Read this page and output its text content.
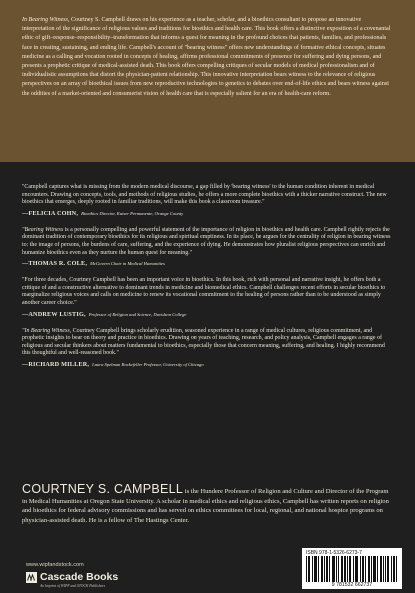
In Bearing Witness, Courtney S. Campbell draws on his experience as a teacher, scholar, and a bioethics consultant to propose an innovative interpretation of the significance of religious values and traditions for bioethics and health care. This book offers a distinctive exposition of a covenantal ethic of gift–response–responsibility–transformation that informs a quest for meaning in the profound choices that patients, families, and professionals face in creating, sustaining, and ending life. Campbell's account of "bearing witness" offers new understandings of formative ethical concepts, situates medicine as a calling and vocation rooted in concepts of healing, affirms professional commitments of presence for suffering and dying persons, and presents a prophetic critique of medical-assisted death. This book offers compelling critiques of secular models of medical professionalism and of individualistic assumptions that distort the physician-patient relationship. This innovative interpretation bears witness to the relevance of religious perspectives on an array of bioethical issues from new reproductive technologies to genetics to debates over end-of-life ethics and bears witness against the oddities of a market-oriented and consumerist vision of health care that is especially salient for an era of health-care reform.

"Campbell captures what is missing from the modern medical discourse, a gap filled by 'bearing witness' to the human condition inherent in medical encounters. Drawing on concepts, tools, and methods of religious studies, he offers a more complete bioethics with a thicker narrative construct. The new bioethics that emerges, deeply rooted in familiar traditions, will make this book a classroom treasure."

—FELICIA COHN, Bioethics Director, Kaiser Permanente, Orange County

"Bearing Witness is a personally compelling and powerful statement of the importance of religion in bioethics and health care. Campbell rightly rejects the dominant tradition of contemporary bioethics for its religious and spiritual emptiness. In its place, he argues for the centrality of religion in bearing witness to: the image of persons, the burdens of care, suffering, and the experience of dying. He demonstrates how pluralist religious perspectives can enrich and humanize bioethics even as they nurture the human quest for meaning."

—THOMAS R. COLE, McGovern Chair in Medical Humanities

"For three decades, Courtney Campbell has been an important voice in bioethics. In this book, rich with personal and narrative insight, he offers both a critique of and a constructive alternative to dominant trends in medicine and biomedical ethics. Campbell challenges recent efforts in secular bioethics to marginalize religious voices and calls on medicine to renew its vocational commitment to the healing of persons rather than to be understood as simply another career choice."

—ANDREW LUSTIG, Professor of Religion and Science, Davidson College

"In Bearing Witness, Courtney Campbell brings scholarly erudition, seasoned experience in a range of medical cultures, religious commitment, and prophetic insights to bear on theory and practice in bioethics. Drawing on years of teaching, research, and policy analysis, Campbell engages a range of religious and secular thinkers about matters fundamental to bioethics, especially those that concern meaning, suffering, and healing. I highly recommend this thoughtful and well-reasoned book."

—RICHARD MILLER, Laura Spelman Rockefeller Professor, University of Chicago

COURTNEY S. CAMPBELL is the Hundere Professor of Religion and Culture and Director of the Program in Medical Humanities at Oregon State University. A scholar in medical ethics and religious ethics, Campbell has written reports on religion and bioethics for federal advisory commissions and has served on ethics committees for local, regional, and national hospice programs on physician-assisted death. He is a fellow of The Hastings Center.

ISBN 978-1-5326-6273-7
9 781532 662737
www.wipfandstock.com
Cascade Books
An Imprint of WIPF and STOCK Publishers
